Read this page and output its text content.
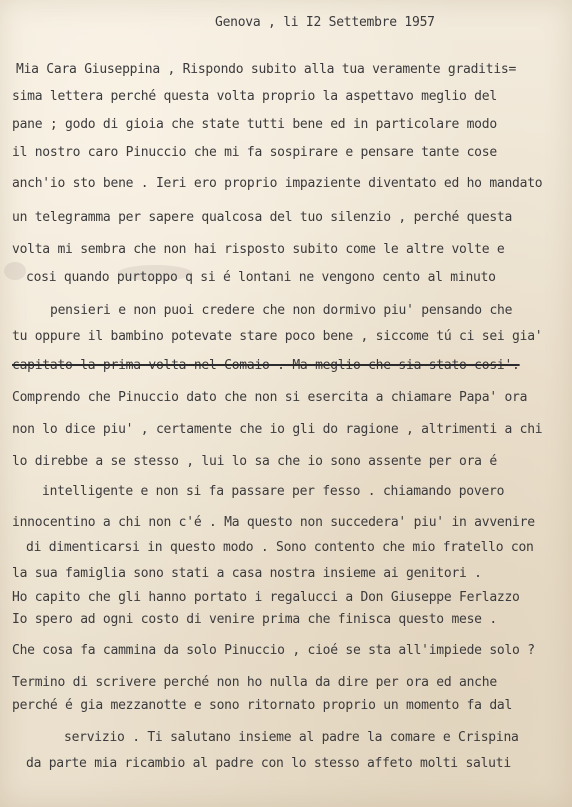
Genova , li I2 Settembre 1957

Mia Cara Giuseppina , Rispondo subito alla tua veramente graditis=

sima lettera perché questa volta proprio la aspettavo meglio del

pane ; godo di gioia che state tutti bene ed in particolare modo

il nostro caro Pinuccio che mi fa sospirare e pensare tante cose

anch'io sto bene . Ieri ero proprio impaziente diventato ed ho mandato

un telegramma per sapere qualcosa del tuo silenzio , perché questa

volta mi sembra che non hai risposto subito come le altre volte e

cosi quando purtoppo q si é lontani ne vengono cento al minuto

pensieri e non puoi credere che non dormivo piu' pensando che

tu oppure il bambino potevate stare poco bene , siccome tú ci sei gia'

capitato la prima volta nel Comaio . Ma meglio che sia stato cosi'.

Comprendo che Pinuccio dato che non si esercita a chiamare Papa' ora

non lo dice piu' , certamente che io gli do ragione , altrimenti a chi

lo direbbe a se stesso , lui lo sa che io sono assente per ora é

intelligente e non si fa passare per fesso . chiamando povero

innocentino a chi non c'é . Ma questo non succedera' piu' in avvenire

di dimenticarsi in questo modo . Sono contento che mio fratello con

la sua famiglia sono stati a casa nostra insieme ai genitori .

Ho capito che gli hanno portato i regalucci a Don Giuseppe Ferlazzo

Io spero ad ogni costo di venire prima che finisca questo mese .

Che cosa fa cammina da solo Pinuccio , cioé se sta all'impiede solo ?

Termino di scrivere perché non ho nulla da dire per ora ed anche

perché é gia mezzanotte e sono ritornato proprio un momento fa dal

servizio . Ti salutano insieme al padre la comare e Crispina

da parte mia ricambio al padre con lo stesso affeto molti saluti
